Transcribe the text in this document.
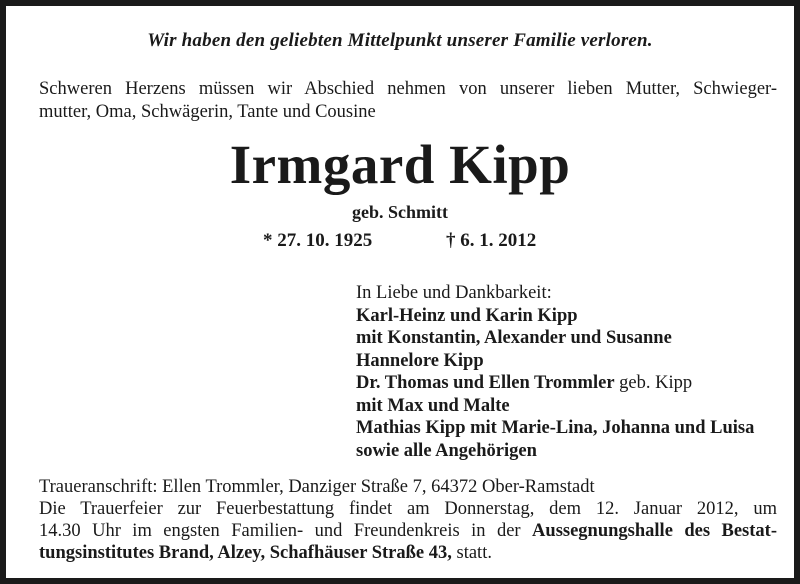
Wir haben den geliebten Mittelpunkt unserer Familie verloren.
Schweren Herzens müssen wir Abschied nehmen von unserer lieben Mutter, Schwieger-
mutter, Oma, Schwägerin, Tante und Cousine
Irmgard Kipp
geb. Schmitt
* 27. 10. 1925	† 6. 1. 2012
In Liebe und Dankbarkeit:
Karl-Heinz und Karin Kipp
mit Konstantin, Alexander und Susanne
Hannelore Kipp
Dr. Thomas und Ellen Trommler geb. Kipp
mit Max und Malte
Mathias Kipp mit Marie-Lina, Johanna und Luisa
sowie alle Angehörigen
Traueranschrift: Ellen Trommler, Danziger Straße 7, 64372 Ober-Ramstadt
Die Trauerfeier zur Feuerbestattung findet am Donnerstag, dem 12. Januar 2012, um
14.30 Uhr im engsten Familien- und Freundenkreis in der Aussegnungshalle des Bestat-
tungsinstitutes Brand, Alzey, Schafhäuser Straße 43, statt.
